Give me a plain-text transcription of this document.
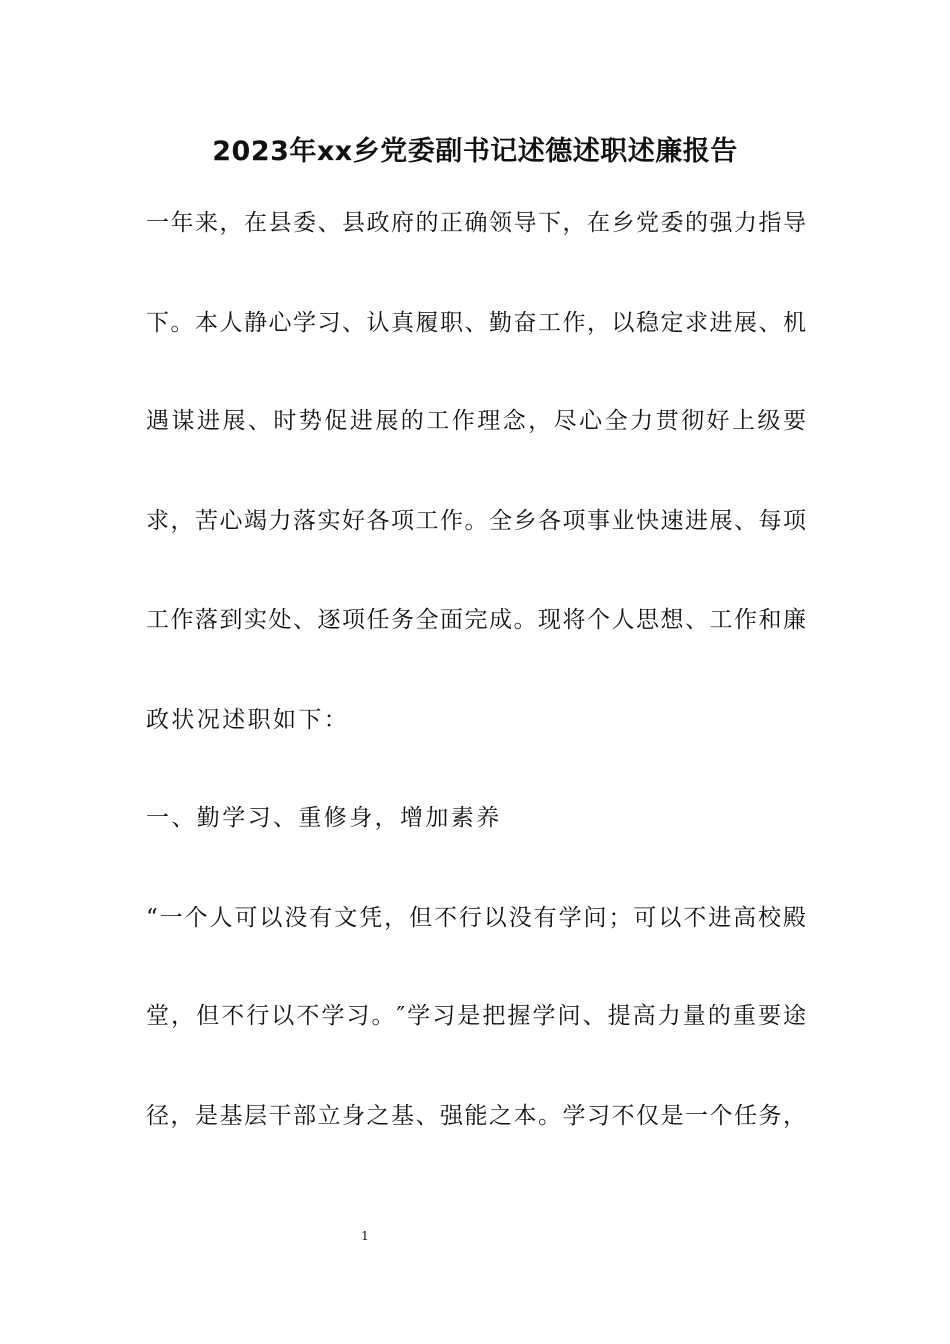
2023年xx乡党委副书记述德述职述廉报告
一年来，在县委、县政府的正确领导下，在乡党委的强力指导
下。本人静心学习、认真履职、勤奋工作，以稳定求进展、机
遇谋进展、时势促进展的工作理念，尽心全力贯彻好上级要
求，苦心竭力落实好各项工作。全乡各项事业快速进展、每项
工作落到实处、逐项任务全面完成。现将个人思想、工作和廉
政状况述职如下：
一、勤学习、重修身，增加素养
“一个人可以没有文凭，但不行以没有学问；可以不进高校殿
堂，但不行以不学习。″学习是把握学问、提高力量的重要途
径，是基层干部立身之基、强能之本。学习不仅是一个任务，
1
